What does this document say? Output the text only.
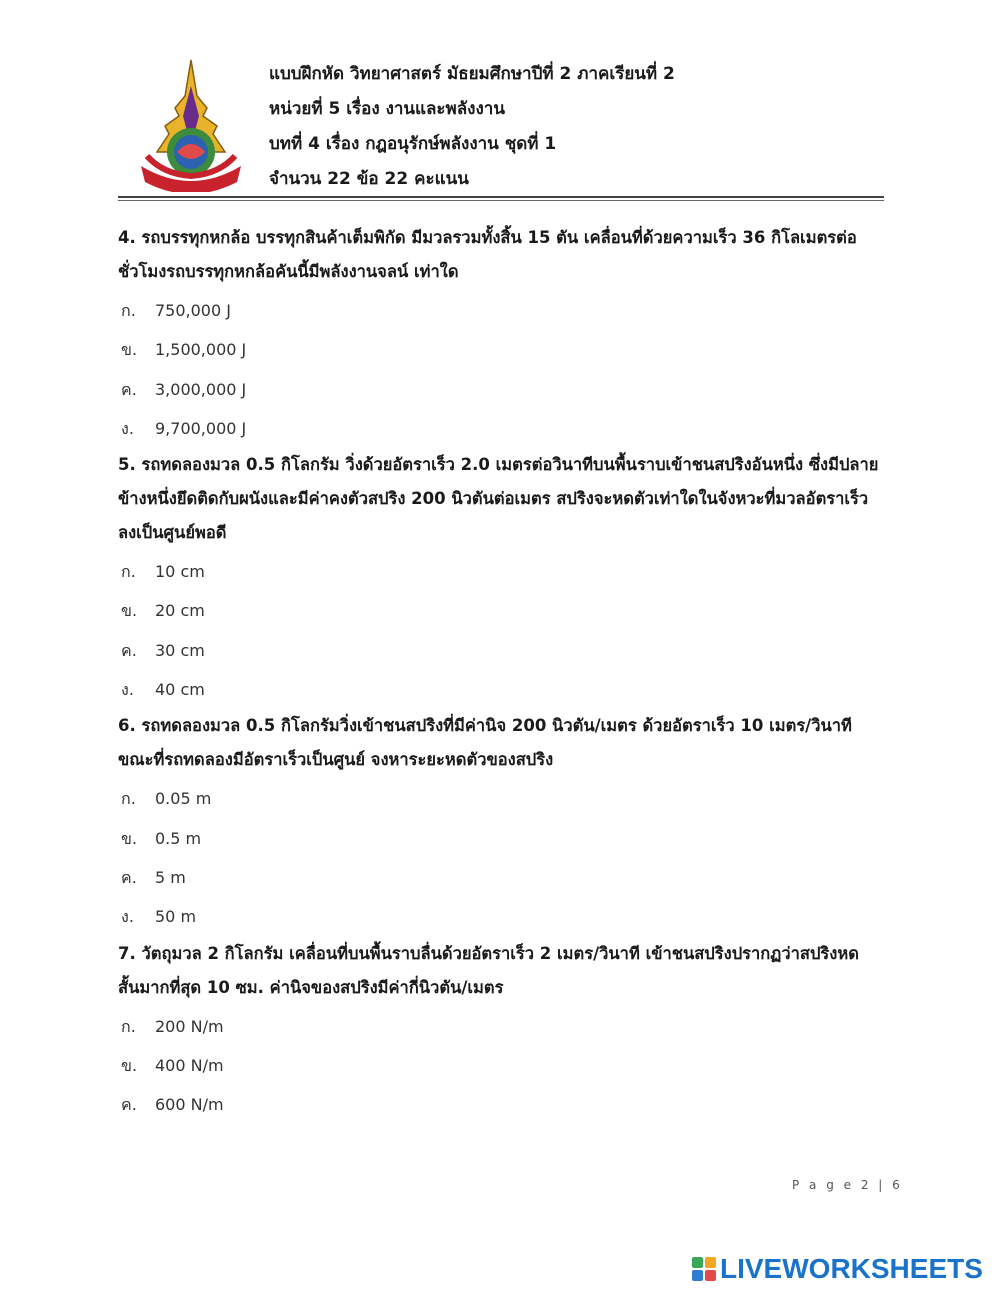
แบบฝึกหัด วิทยาศาสตร์ มัธยมศึกษาปีที่ 2 ภาคเรียนที่ 2
หน่วยที่ 5 เรื่อง งานและพลังงาน
บทที่ 4 เรื่อง กฎอนุรักษ์พลังงาน ชุดที่ 1
จำนวน 22 ข้อ 22 คะแนน
4. รถบรรทุกหกล้อ บรรทุกสินค้าเต็มพิกัด มีมวลรวมทั้งสิ้น 15 ตัน เคลื่อนที่ด้วยความเร็ว 36 กิโลเมตรต่อ
ชั่วโมงรถบรรทุกหกล้อคันนี้มีพลังงานจลน์ เท่าใด
ก. 750,000 J
ข. 1,500,000 J
ค. 3,000,000 J
ง. 9,700,000 J
5. รถทดลองมวล 0.5 กิโลกรัม วิ่งด้วยอัตราเร็ว 2.0 เมตรต่อวินาทีบนพื้นราบเข้าชนสปริงอันหนึ่ง ซึ่งมีปลาย
ข้างหนึ่งยึดติดกับผนังและมีค่าคงตัวสปริง 200 นิวตันต่อเมตร สปริงจะหดตัวเท่าใดในจังหวะที่มวลอัตราเร็ว
ลงเป็นศูนย์พอดี
ก. 10 cm
ข. 20 cm
ค. 30 cm
ง. 40 cm
6. รถทดลองมวล 0.5 กิโลกรัมวิ่งเข้าชนสปริงที่มีค่านิจ 200 นิวตัน/เมตร ด้วยอัตราเร็ว 10 เมตร/วินาที
ขณะที่รถทดลองมีอัตราเร็วเป็นศูนย์ จงหาระยะหดตัวของสปริง
ก. 0.05 m
ข. 0.5 m
ค. 5 m
ง. 50 m
7. วัตถุมวล 2 กิโลกรัม เคลื่อนที่บนพื้นราบลื่นด้วยอัตราเร็ว 2 เมตร/วินาที เข้าชนสปริงปรากฏว่าสปริงหด
สั้นมากที่สุด 10 ซม. ค่านิจของสปริงมีค่ากี่นิวตัน/เมตร
ก. 200 N/m
ข. 400 N/m
ค. 600 N/m
P a g e 2 | 6
LIVEWORKSHEETS
